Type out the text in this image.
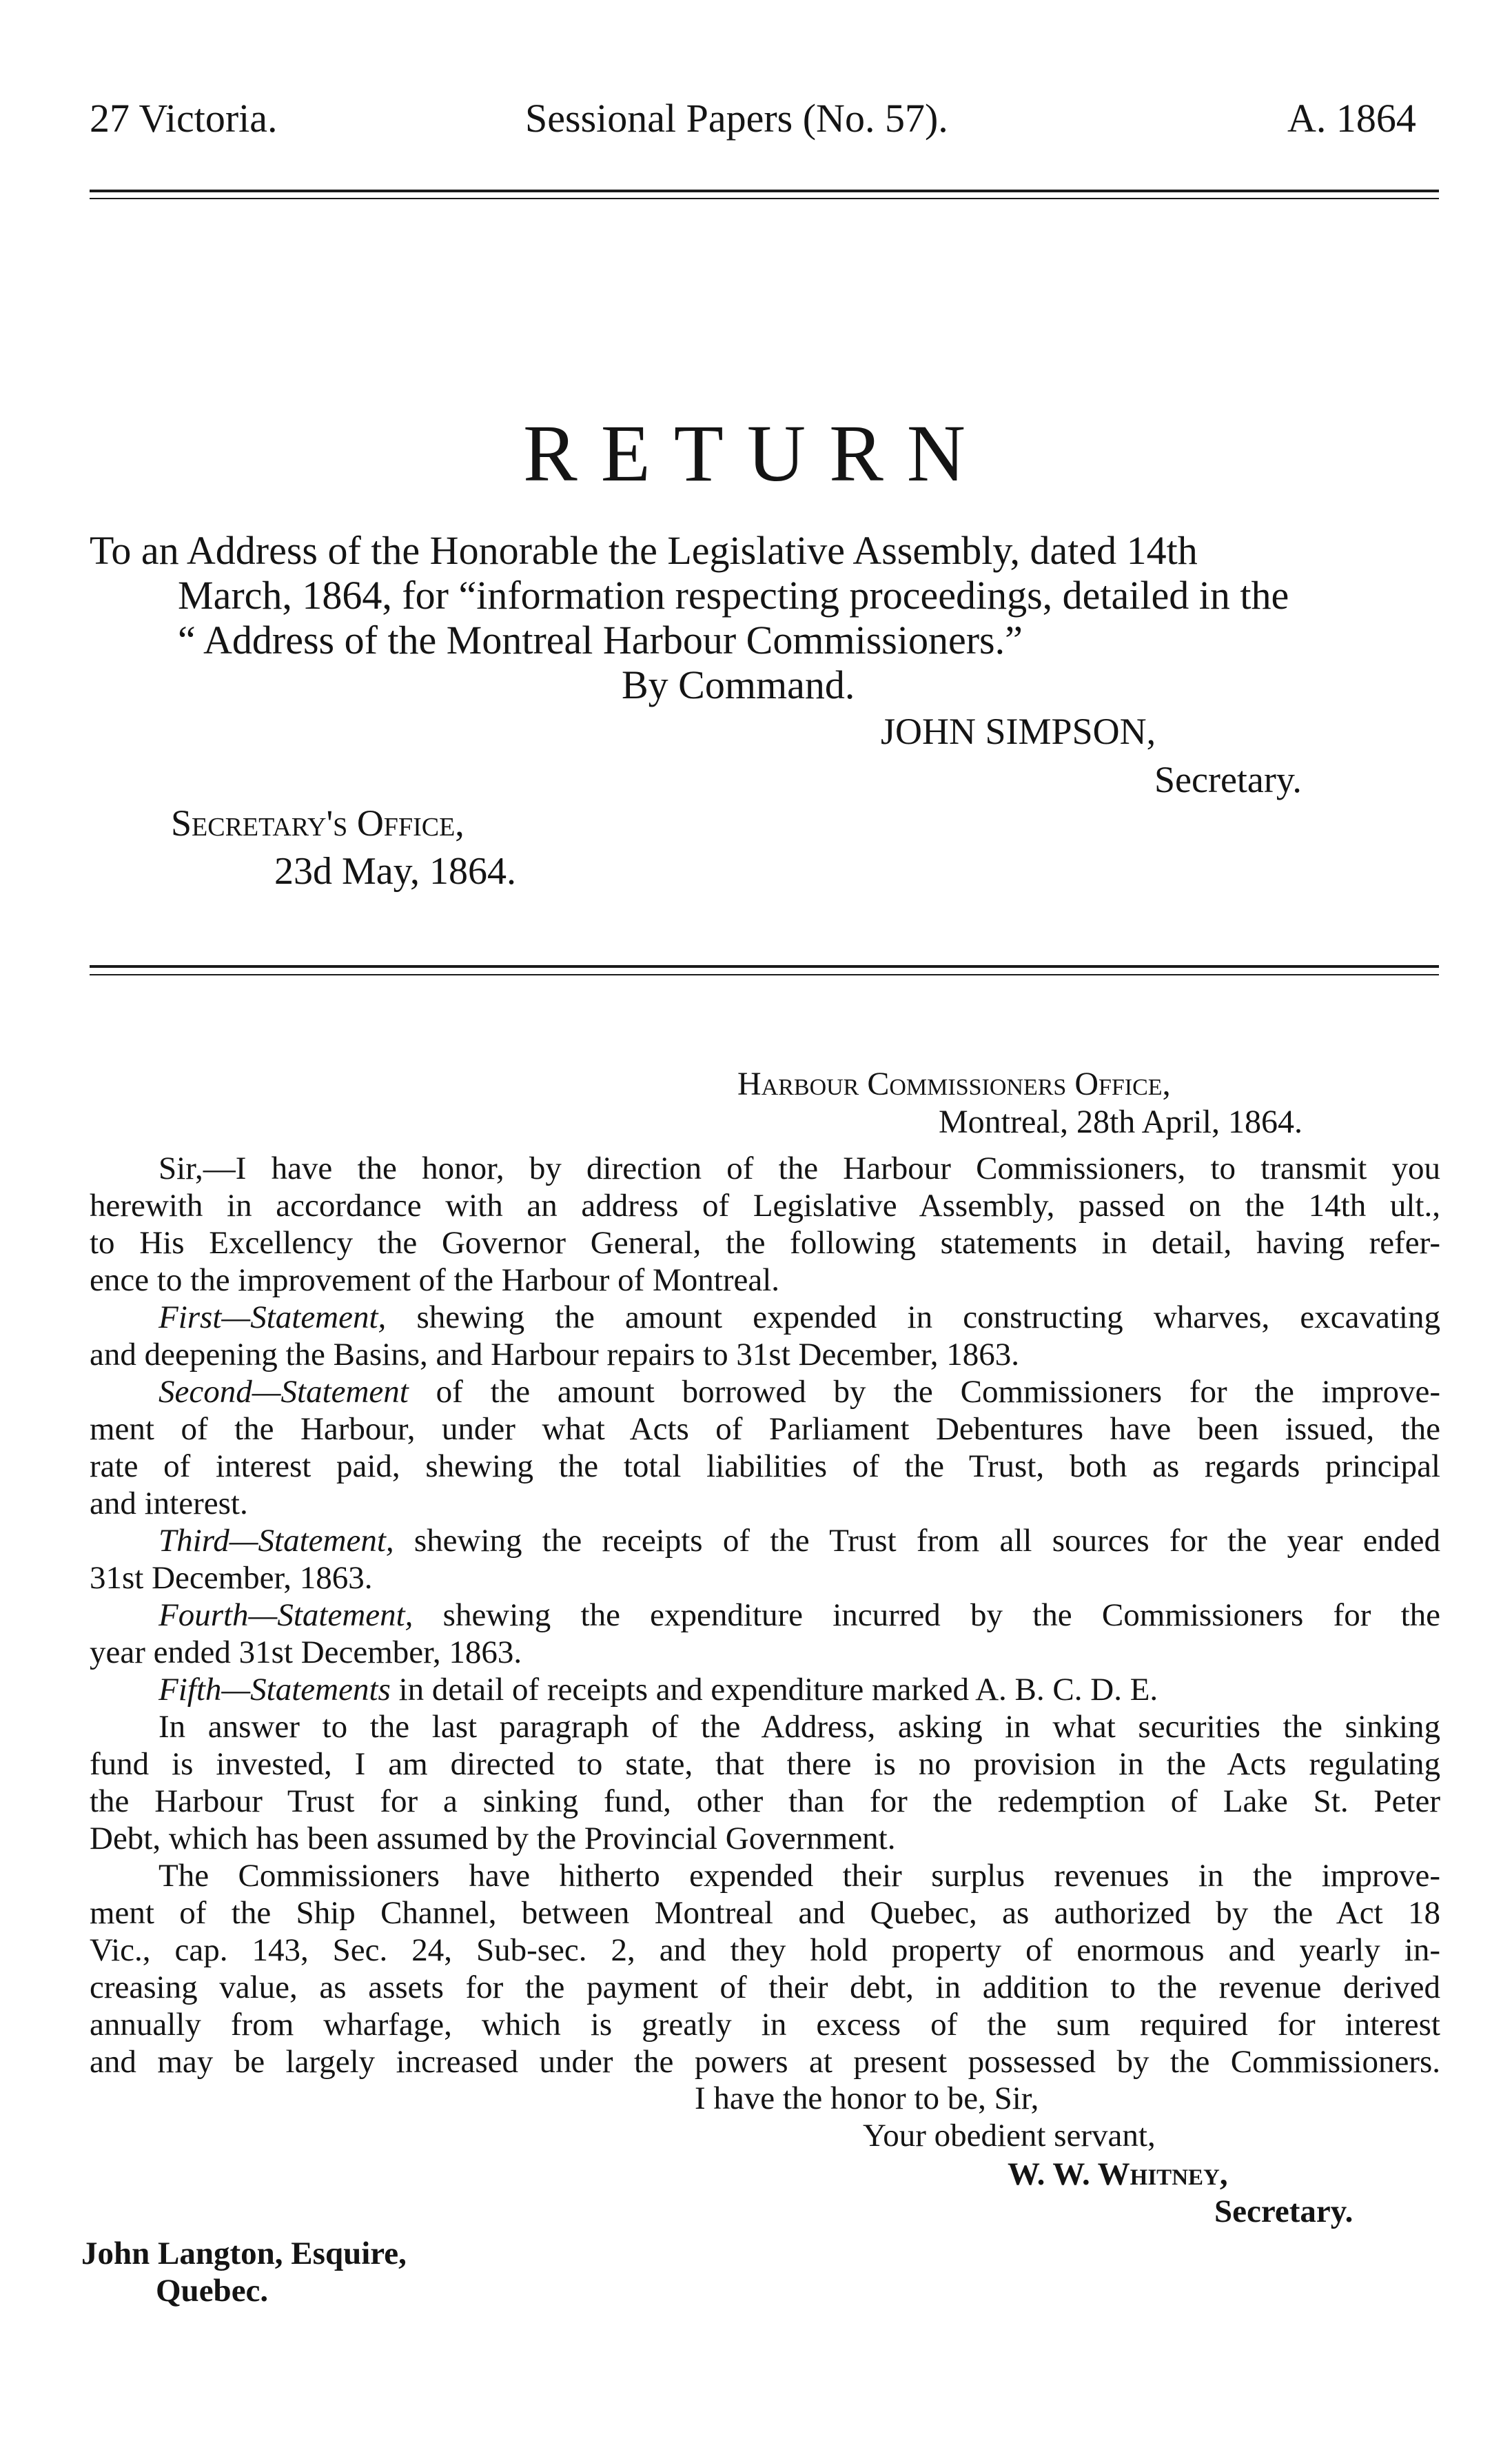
27 Victoria.	Sessional Papers (No. 57).	A. 1864
RETURN
To an Address of the Honorable the Legislative Assembly, dated 14th
March, 1864, for “information respecting proceedings, detailed in the
“ Address of the Montreal Harbour Commissioners.”
By Command.
JOHN SIMPSON,
Secretary.
Secretary's Office,
23d May, 1864.
Harbour Commissioners Office,
Montreal, 28th April, 1864.
Sir,—I have the honor, by direction of the Harbour Commissioners, to transmit you
herewith in accordance with an address of Legislative Assembly, passed on the 14th ult.,
to His Excellency the Governor General, the following statements in detail, having refer-
ence to the improvement of the Harbour of Montreal.
First—Statement, shewing the amount expended in constructing wharves, excavating
and deepening the Basins, and Harbour repairs to 31st December, 1863.
Second—Statement of the amount borrowed by the Commissioners for the improve-
ment of the Harbour, under what Acts of Parliament Debentures have been issued, the
rate of interest paid, shewing the total liabilities of the Trust, both as regards principal
and interest.
Third—Statement, shewing the receipts of the Trust from all sources for the year ended
31st December, 1863.
Fourth—Statement, shewing the expenditure incurred by the Commissioners for the
year ended 31st December, 1863.
Fifth—Statements in detail of receipts and expenditure marked A. B. C. D. E.
In answer to the last paragraph of the Address, asking in what securities the sinking
fund is invested, I am directed to state, that there is no provision in the Acts regulating
the Harbour Trust for a sinking fund, other than for the redemption of Lake St. Peter
Debt, which has been assumed by the Provincial Government.
The Commissioners have hitherto expended their surplus revenues in the improve-
ment of the Ship Channel, between Montreal and Quebec, as authorized by the Act 18
Vic., cap. 143, Sec. 24, Sub-sec. 2, and they hold property of enormous and yearly in-
creasing value, as assets for the payment of their debt, in addition to the revenue derived
annually from wharfage, which is greatly in excess of the sum required for interest
and may be largely increased under the powers at present possessed by the Commissioners.
I have the honor to be, Sir,
Your obedient servant,
W. W. Whitney,
Secretary.
John Langton, Esquire,
Quebec.
